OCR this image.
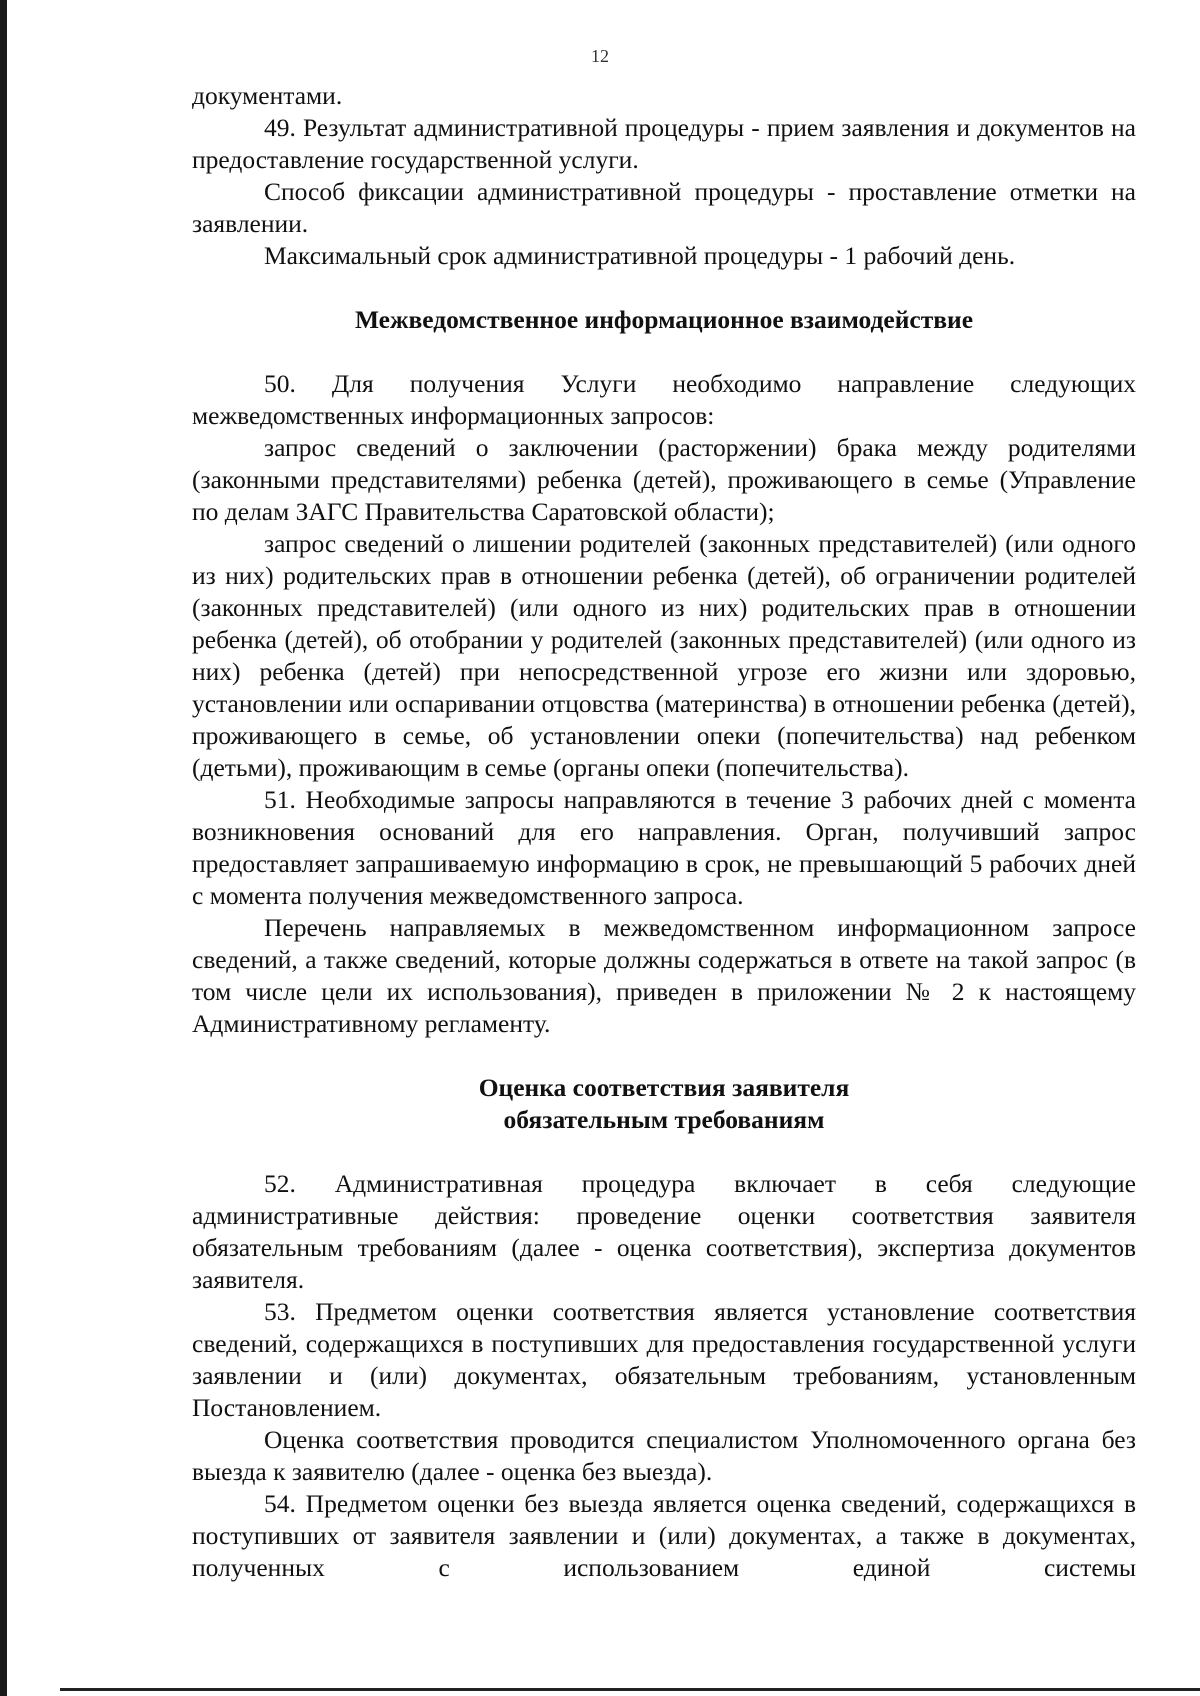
12

документами.

49. Результат административной процедуры - прием заявления и документов на предоставление государственной услуги.

Способ фиксации административной процедуры - проставление отметки на заявлении.

Максимальный срок административной процедуры - 1 рабочий день.

Межведомственное информационное взаимодействие

50. Для получения Услуги необходимо направление следующих межведомственных информационных запросов:

запрос сведений о заключении (расторжении) брака между родителями (законными представителями) ребенка (детей), проживающего в семье (Управление по делам ЗАГС Правительства Саратовской области);

запрос сведений о лишении родителей (законных представителей) (или одного из них) родительских прав в отношении ребенка (детей), об ограничении родителей (законных представителей) (или одного из них) родительских прав в отношении ребенка (детей), об отобрании у родителей (законных представителей) (или одного из них) ребенка (детей) при непосредственной угрозе его жизни или здоровью, установлении или оспаривании отцовства (материнства) в отношении ребенка (детей), проживающего в семье, об установлении опеки (попечительства) над ребенком (детьми), проживающим в семье (органы опеки (попечительства).

51. Необходимые запросы направляются в течение 3 рабочих дней с момента возникновения оснований для его направления. Орган, получивший запрос предоставляет запрашиваемую информацию в срок, не превышающий 5 рабочих дней с момента получения межведомственного запроса.

Перечень направляемых в межведомственном информационном запросе сведений, а также сведений, которые должны содержаться в ответе на такой запрос (в том числе цели их использования), приведен в приложении № 2 к настоящему Административному регламенту.

Оценка соответствия заявителя
обязательным требованиям

52. Административная процедура включает в себя следующие административные действия: проведение оценки соответствия заявителя обязательным требованиям (далее - оценка соответствия), экспертиза документов заявителя.

53. Предметом оценки соответствия является установление соответствия сведений, содержащихся в поступивших для предоставления государственной услуги заявлении и (или) документах, обязательным требованиям, установленным Постановлением.

Оценка соответствия проводится специалистом Уполномоченного органа без выезда к заявителю (далее - оценка без выезда).

54. Предметом оценки без выезда является оценка сведений, содержащихся в поступивших от заявителя заявлении и (или) документах, а также в документах, полученных с использованием единой системы
